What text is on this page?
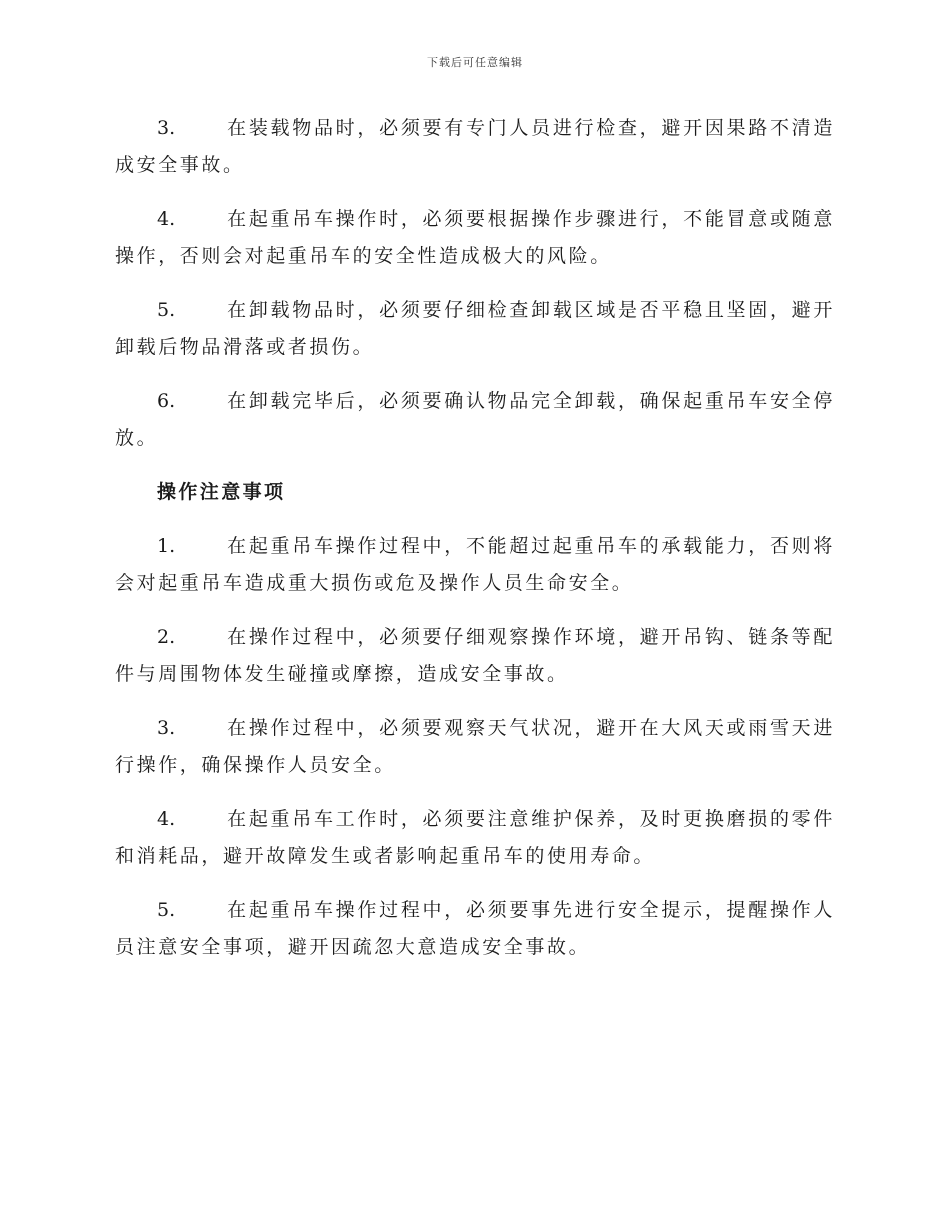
下载后可任意编辑

3.	在装载物品时，必须要有专门人员进行检查，避开因果路不清造成安全事故。

4.	在起重吊车操作时，必须要根据操作步骤进行，不能冒意或随意操作，否则会对起重吊车的安全性造成极大的风险。

5.	在卸载物品时，必须要仔细检查卸载区域是否平稳且坚固，避开卸载后物品滑落或者损伤。

6.	在卸载完毕后，必须要确认物品完全卸载，确保起重吊车安全停放。

操作注意事项

1.	在起重吊车操作过程中，不能超过起重吊车的承载能力，否则将会对起重吊车造成重大损伤或危及操作人员生命安全。

2.	在操作过程中，必须要仔细观察操作环境，避开吊钩、链条等配件与周围物体发生碰撞或摩擦，造成安全事故。

3.	在操作过程中，必须要观察天气状况，避开在大风天或雨雪天进行操作，确保操作人员安全。

4.	在起重吊车工作时，必须要注意维护保养，及时更换磨损的零件和消耗品，避开故障发生或者影响起重吊车的使用寿命。

5.	在起重吊车操作过程中，必须要事先进行安全提示，提醒操作人员注意安全事项，避开因疏忽大意造成安全事故。
